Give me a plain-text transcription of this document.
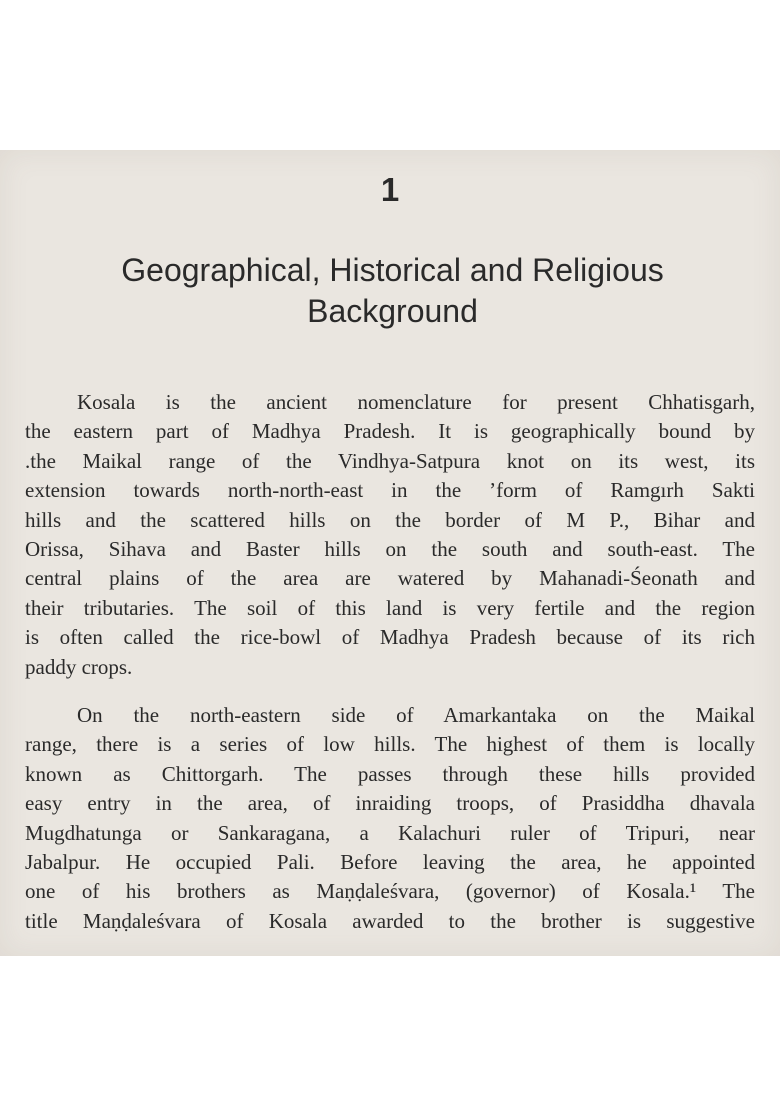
1
Geographical, Historical and Religious
Background
Kosala is the ancient nomenclature for present Chhatisgarh,
the eastern part of Madhya Pradesh. It is geographically bound by
.the Maikal range of the Vindhya-Satpura knot on its west, its
extension towards north-north-east in the ’form of Ramgırh Sakti
hills and the scattered hills on the border of M P., Bihar and
Orissa, Sihava and Baster hills on the south and south-east. The
central plains of the area are watered by Mahanadi-Śeonath and
their tributaries. The soil of this land is very fertile and the region
is often called the rice-bowl of Madhya Pradesh because of its rich
paddy crops.
On the north-eastern side of Amarkantaka on the Maikal
range, there is a series of low hills. The highest of them is locally
known as Chittorgarh. The passes through these hills provided
easy entry in the area, of inraiding troops, of Prasiddha dhavala
Mugdhatunga or Sankaragana, a Kalachuri ruler of Tripuri, near
Jabalpur. He occupied Pali. Before leaving the area, he appointed
one of his brothers as Maṇḍaleśvara, (governor) of Kosala.¹ The
title Maṇḍaleśvara of Kosala awarded to the brother is suggestive
